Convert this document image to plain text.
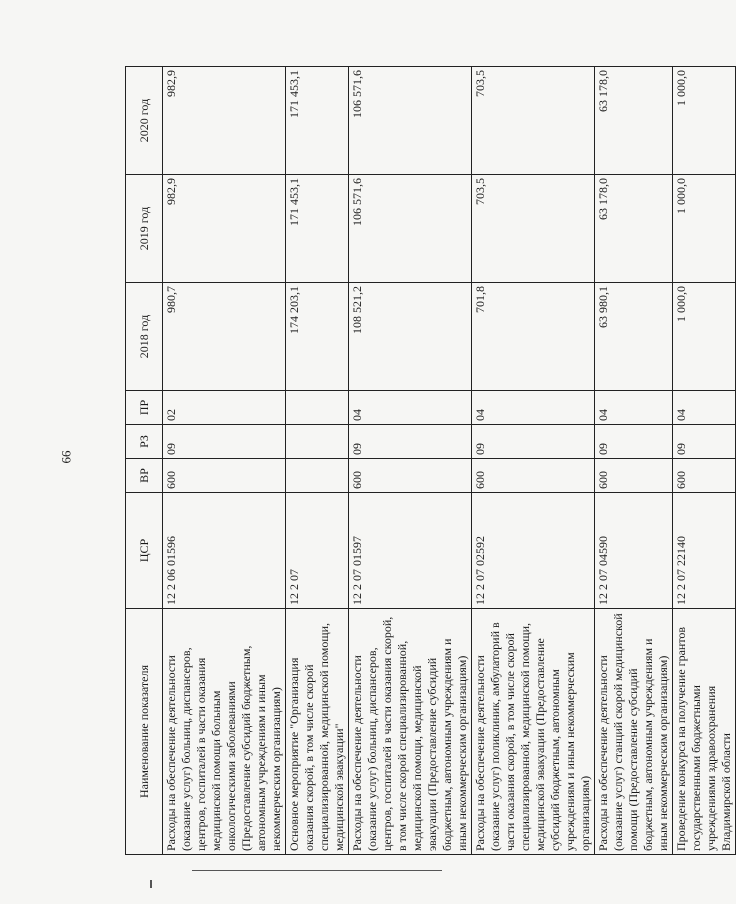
66
Наименование показателя	ЦСР	ВР	РЗ	ПР	2018 год	2019 год	2020 год
Расходы на обеспечение деятельности (оказание услуг) больниц, диспансеров, центров, госпиталей в части оказания медицинской помощи больным онкологическими заболеваниями (Предоставление субсидий бюджетным, автономным учреждениям и иным некоммерческим организациям)	12 2 06 01596	600	09	02	980,7	982,9	982,9
Основное мероприятие "Организация оказания скорой, в том числе скорой специализированной, медицинской помощи, медицинской эвакуации"	12 2 07				174 203,1	171 453,1	171 453,1
Расходы на обеспечение деятельности (оказание услуг) больниц, диспансеров, центров, госпиталей в части оказания скорой, в том числе скорой специализированной, медицинской помощи, медицинской эвакуации (Предоставление субсидий бюджетным, автономным учреждениям и иным некоммерческим организациям)	12 2 07 01597	600	09	04	108 521,2	106 571,6	106 571,6
Расходы на обеспечение деятельности (оказание услуг) поликлиник, амбулаторий в части оказания скорой, в том числе скорой специализированной, медицинской помощи, медицинской эвакуации (Предоставление субсидий бюджетным, автономным учреждениям и иным некоммерческим организациям)	12 2 07 02592	600	09	04	701,8	703,5	703,5
Расходы на обеспечение деятельности (оказание услуг) станций скорой медицинской помощи (Предоставление субсидий бюджетным, автономным учреждениям и иным некоммерческим организациям)	12 2 07 04590	600	09	04	63 980,1	63 178,0	63 178,0
Проведение конкурса на получение грантов государственными бюджетными учреждениями здравоохранения Владимирской области	12 2 07 22140	600	09	04	1 000,0	1 000,0	1 000,0
